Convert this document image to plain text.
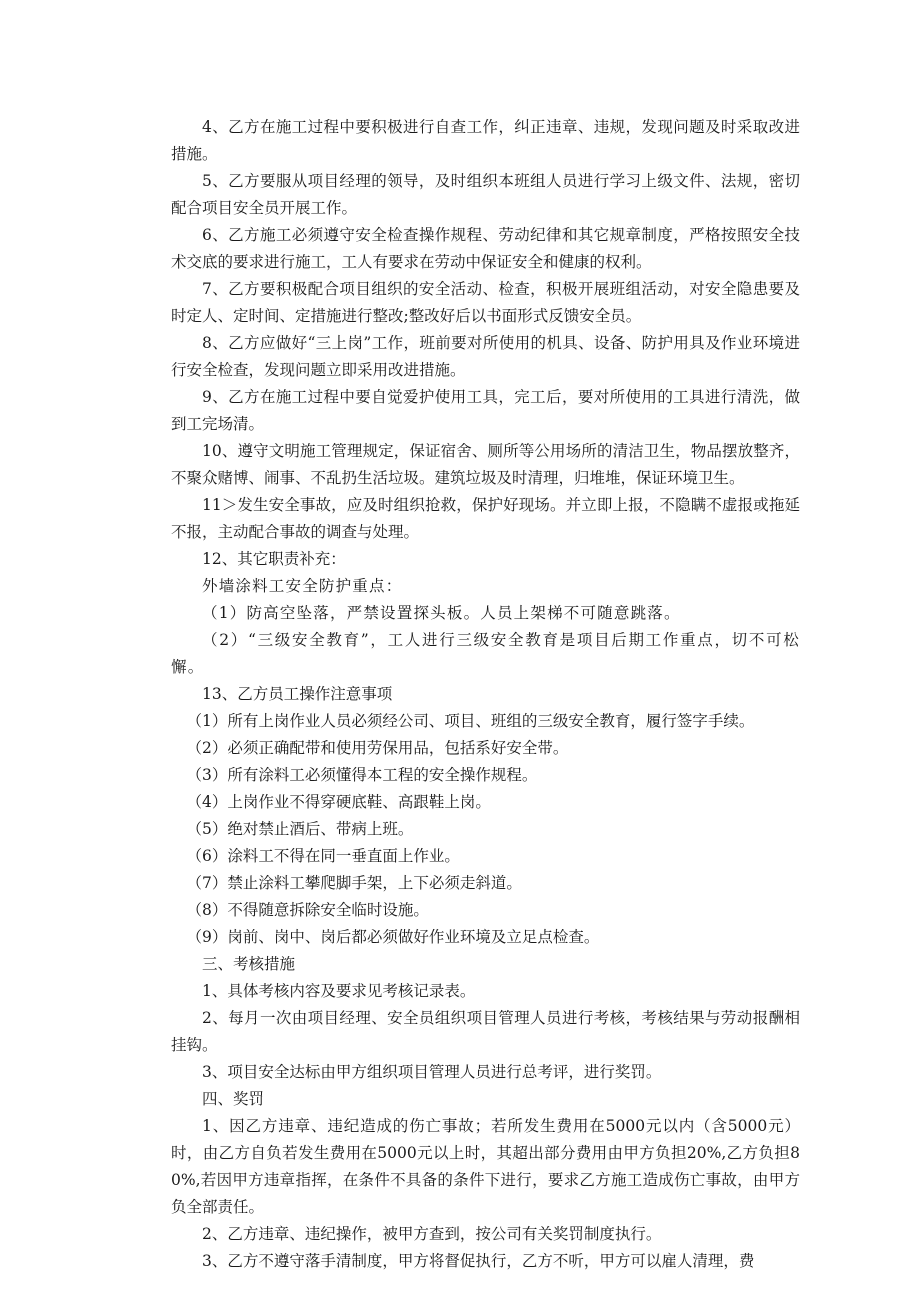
4、乙方在施工过程中要积极进行自查工作，纠正违章、违规，发现问题及时采取改进措施。

5、乙方要服从项目经理的领导，及时组织本班组人员进行学习上级文件、法规，密切配合项目安全员开展工作。

6、乙方施工必须遵守安全检查操作规程、劳动纪律和其它规章制度，严格按照安全技术交底的要求进行施工，工人有要求在劳动中保证安全和健康的权利。

7、乙方要积极配合项目组织的安全活动、检查，积极开展班组活动，对安全隐患要及时定人、定时间、定措施进行整改;整改好后以书面形式反馈安全员。

8、乙方应做好“三上岗”工作，班前要对所使用的机具、设备、防护用具及作业环境进行安全检查，发现问题立即采用改进措施。

9、乙方在施工过程中要自觉爱护使用工具，完工后，要对所使用的工具进行清洗，做到工完场清。

10、遵守文明施工管理规定，保证宿舍、厕所等公用场所的清洁卫生，物品摆放整齐，不聚众赌博、闹事、不乱扔生活垃圾。建筑垃圾及时清理，归堆堆，保证环境卫生。

11＞发生安全事故，应及时组织抢救，保护好现场。并立即上报，不隐瞒不虚报或拖延不报，主动配合事故的调查与处理。

12、其它职责补充：

外墙涂料工安全防护重点：

（1）防高空坠落，严禁设置探头板。人员上架梯不可随意跳落。

（2）“三级安全教育”，工人进行三级安全教育是项目后期工作重点，切不可松懈。

13、乙方员工操作注意事项

（1）所有上岗作业人员必须经公司、项目、班组的三级安全教育，履行签字手续。

（2）必须正确配带和使用劳保用品，包括系好安全带。

（3）所有涂料工必须懂得本工程的安全操作规程。

（4）上岗作业不得穿硬底鞋、高跟鞋上岗。

（5）绝对禁止酒后、带病上班。

（6）涂料工不得在同一垂直面上作业。

（7）禁止涂料工攀爬脚手架，上下必须走斜道。

（8）不得随意拆除安全临时设施。

（9）岗前、岗中、岗后都必须做好作业环境及立足点检查。

三、考核措施

1、具体考核内容及要求见考核记录表。

2、每月一次由项目经理、安全员组织项目管理人员进行考核，考核结果与劳动报酬相挂钩。

3、项目安全达标由甲方组织项目管理人员进行总考评，进行奖罚。

四、奖罚

1、因乙方违章、违纪造成的伤亡事故；若所发生费用在5000元以内（含5000元）时，由乙方自负若发生费用在5000元以上时，其超出部分费用由甲方负担20%,乙方负担80%,若因甲方违章指挥，在条件不具备的条件下进行，要求乙方施工造成伤亡事故，由甲方负全部责任。

2、乙方违章、违纪操作，被甲方查到，按公司有关奖罚制度执行。

3、乙方不遵守落手清制度，甲方将督促执行，乙方不听，甲方可以雇人清理，费
